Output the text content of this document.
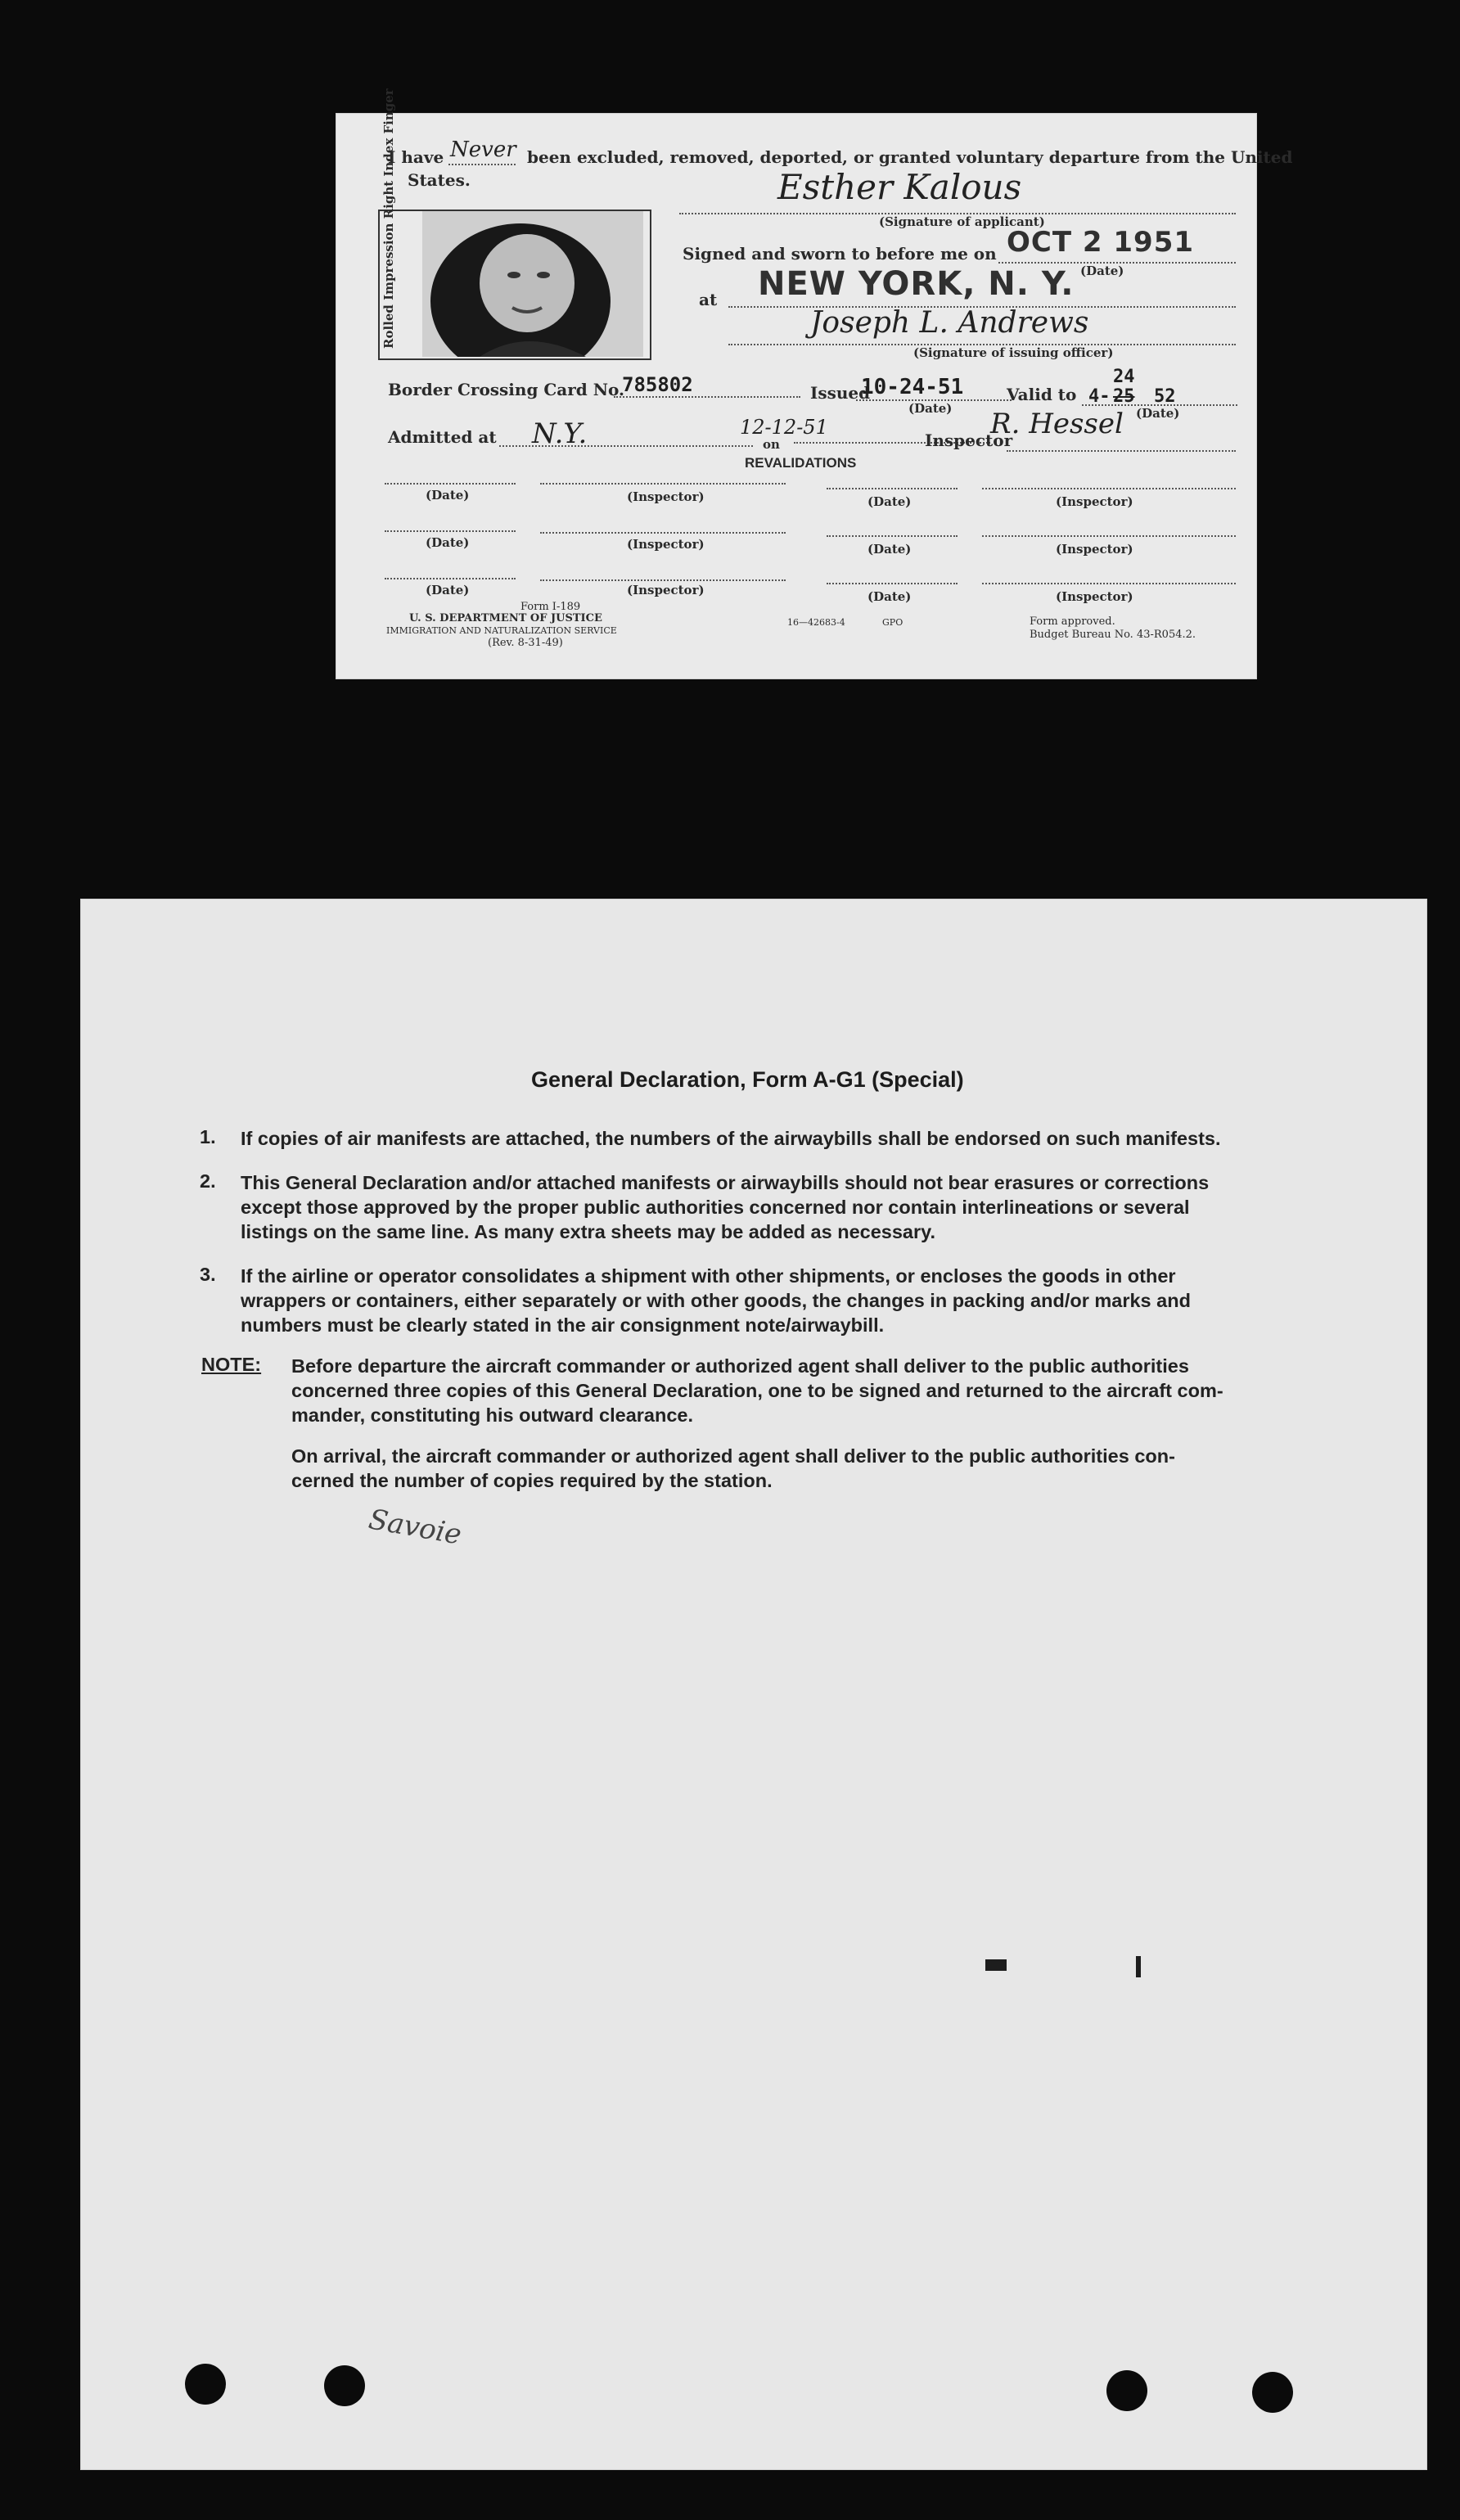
I have Never been excluded, removed, deported, or granted voluntary departure from the United
States.	Esther Kalous
(Signature of applicant)
Rolled Impression Right Index Finger	Signed and sworn to before me on OCT 2 1951
(Date)
at NEW YORK, N. Y.
Joseph L. Andrews
(Signature of issuing officer)
Border Crossing Card No.
785802	Issued
10-24-51
(Date)
Valid to 4-
24
25 52
(Date)
Admitted at N.Y.	12-12-51
on	Inspector
R. Hessel
REVALIDATIONS
(Date)	(Inspector)	(Date)	(Inspector)
(Date)	(Inspector)	(Date)	(Inspector)
(Date)	(Inspector)	(Date)	(Inspector)
Form I-189
U. S. DEPARTMENT OF JUSTICE
IMMIGRATION AND NATURALIZATION SERVICE
(Rev. 8-31-49)
16—42683-4	GPO	Form approved.
Budget Bureau No. 43-R054.2.

General Declaration, Form A-G1 (Special)
1. If copies of air manifests are attached, the numbers of the airwaybills shall be endorsed on such manifests.
2. This General Declaration and/or attached manifests or airwaybills should not bear erasures or corrections
except those approved by the proper public authorities concerned nor contain interlineations or several
listings on the same line. As many extra sheets may be added as necessary.
3. If the airline or operator consolidates a shipment with other shipments, or encloses the goods in other
wrappers or containers, either separately or with other goods, the changes in packing and/or marks and
numbers must be clearly stated in the air consignment note/airwaybill.
NOTE: Before departure the aircraft commander or authorized agent shall deliver to the public authorities
concerned three copies of this General Declaration, one to be signed and returned to the aircraft com-
mander, constituting his outward clearance.
On arrival, the aircraft commander or authorized agent shall deliver to the public authorities con-
cerned the number of copies required by the station.
Savoie
